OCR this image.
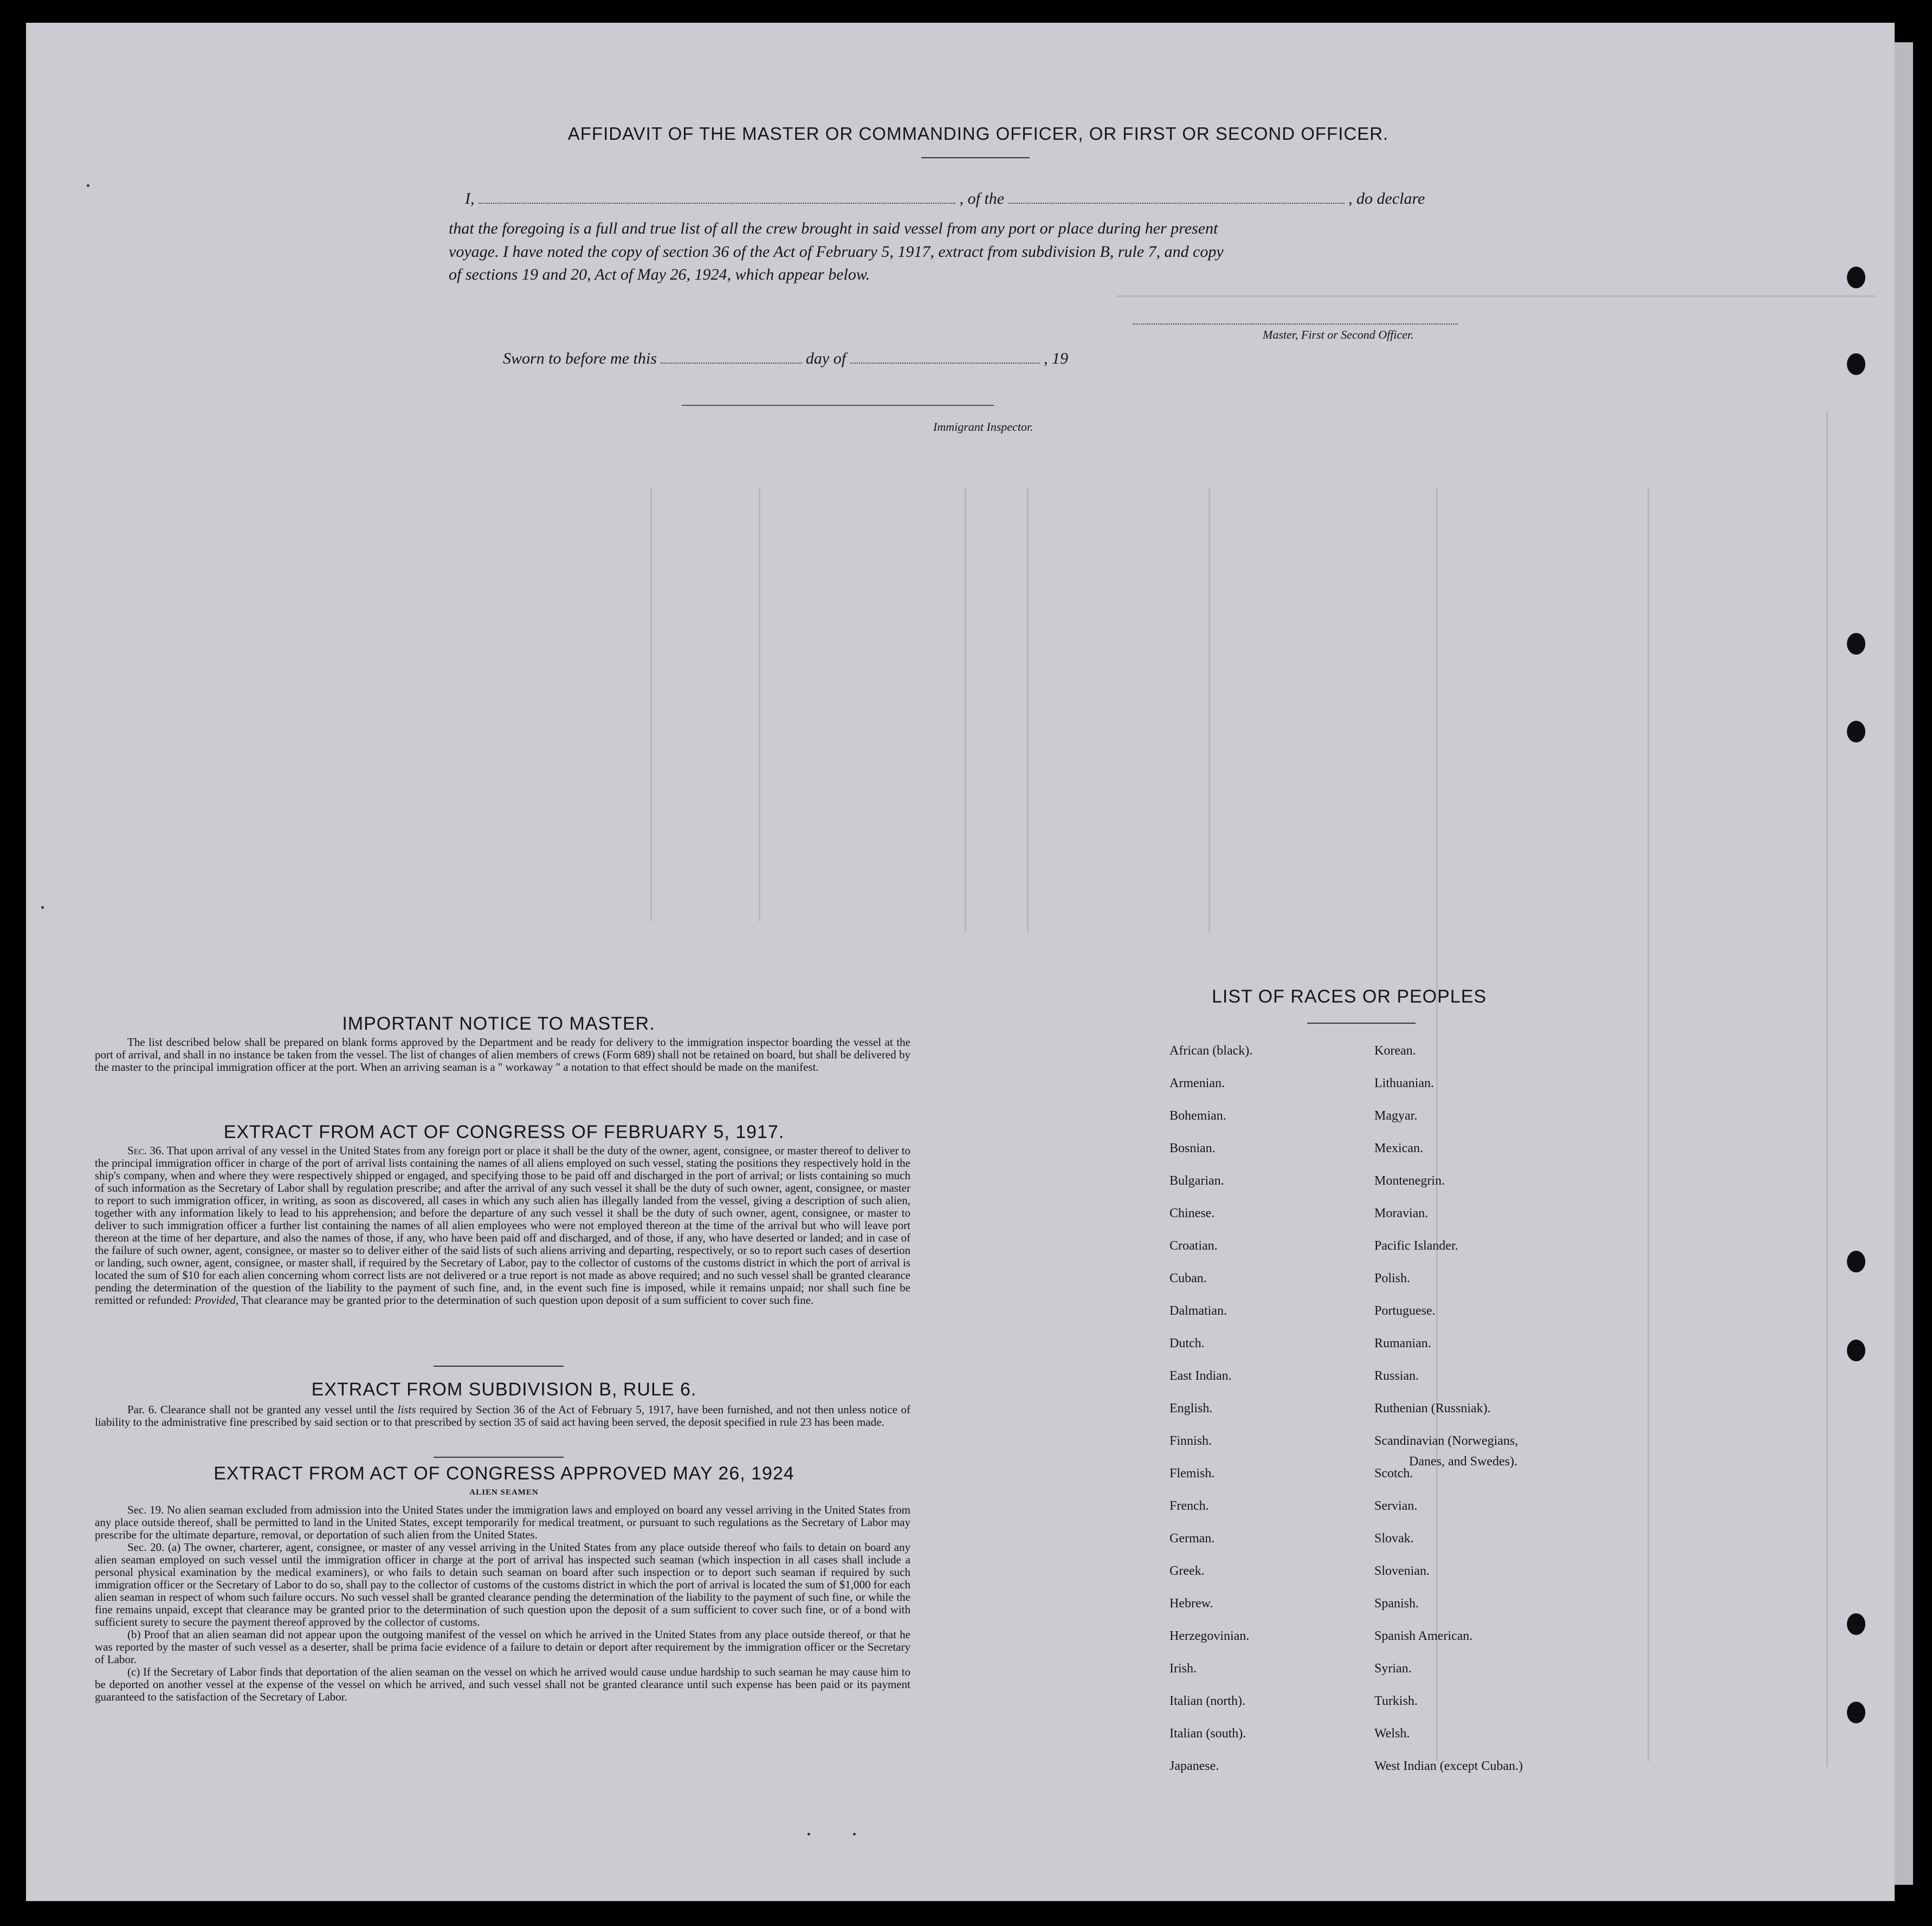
AFFIDAVIT OF THE MASTER OR COMMANDING OFFICER, OR FIRST OR SECOND OFFICER.
I,	, of the	, do declare
that the foregoing is a full and true list of all the crew brought in said vessel from any port or place during her present
voyage. I have noted the copy of section 36 of the Act of February 5, 1917, extract from subdivision B, rule 7, and copy
of sections 19 and 20, Act of May 26, 1924, which appear below.
Master, First or Second Officer.
Sworn to before me this	day of	, 19
Immigrant Inspector.
IMPORTANT NOTICE TO MASTER.

The list described below shall be prepared on blank forms approved by the Department and be ready for delivery to the immigration inspector boarding the vessel at the port of arrival, and shall in no instance be taken from the vessel. The list of changes of alien members of crews (Form 689) shall not be retained on board, but shall be delivered by the master to the principal immigration officer at the port. When an arriving seaman is a " workaway " a notation to that effect should be made on the manifest.

EXTRACT FROM ACT OF CONGRESS OF FEBRUARY 5, 1917.

Sec. 36. That upon arrival of any vessel in the United States from any foreign port or place it shall be the duty of the owner, agent, consignee, or master thereof to deliver to the principal immigration officer in charge of the port of arrival lists containing the names of all aliens employed on such vessel, stating the positions they respectively hold in the ship's company, when and where they were respectively shipped or engaged, and specifying those to be paid off and discharged in the port of arrival; or lists containing so much of such information as the Secretary of Labor shall by regulation prescribe; and after the arrival of any such vessel it shall be the duty of such owner, agent, consignee, or master to report to such immigration officer, in writing, as soon as discovered, all cases in which any such alien has illegally landed from the vessel, giving a description of such alien, together with any information likely to lead to his apprehension; and before the departure of any such vessel it shall be the duty of such owner, agent, consignee, or master to deliver to such immigration officer a further list containing the names of all alien employees who were not employed thereon at the time of the arrival but who will leave port thereon at the time of her departure, and also the names of those, if any, who have been paid off and discharged, and of those, if any, who have deserted or landed; and in case of the failure of such owner, agent, consignee, or master so to deliver either of the said lists of such aliens arriving and departing, respectively, or so to report such cases of desertion or landing, such owner, agent, consignee, or master shall, if required by the Secretary of Labor, pay to the collector of customs of the customs district in which the port of arrival is located the sum of $10 for each alien concerning whom correct lists are not delivered or a true report is not made as above required; and no such vessel shall be granted clearance pending the determination of the question of the liability to the payment of such fine, and, in the event such fine is imposed, while it remains unpaid; nor shall such fine be remitted or refunded: Provided, That clearance may be granted prior to the determination of such question upon deposit of a sum sufficient to cover such fine.

EXTRACT FROM SUBDIVISION B, RULE 6.

Par. 6. Clearance shall not be granted any vessel until the lists required by Section 36 of the Act of February 5, 1917, have been furnished, and not then unless notice of liability to the administrative fine prescribed by said section or to that prescribed by section 35 of said act having been served, the deposit specified in rule 23 has been made.

EXTRACT FROM ACT OF CONGRESS APPROVED MAY 26, 1924
ALIEN SEAMEN

Sec. 19. No alien seaman excluded from admission into the United States under the immigration laws and employed on board any vessel arriving in the United States from any place outside thereof, shall be permitted to land in the United States, except temporarily for medical treatment, or pursuant to such regulations as the Secretary of Labor may prescribe for the ultimate departure, removal, or deportation of such alien from the United States.

Sec. 20. (a) The owner, charterer, agent, consignee, or master of any vessel arriving in the United States from any place outside thereof who fails to detain on board any alien seaman employed on such vessel until the immigration officer in charge at the port of arrival has inspected such seaman (which inspection in all cases shall include a personal physical examination by the medical examiners), or who fails to detain such seaman on board after such inspection or to deport such seaman if required by such immigration officer or the Secretary of Labor to do so, shall pay to the collector of customs of the customs district in which the port of arrival is located the sum of $1,000 for each alien seaman in respect of whom such failure occurs. No such vessel shall be granted clearance pending the determination of the liability to the payment of such fine, or while the fine remains unpaid, except that clearance may be granted prior to the determination of such question upon the deposit of a sum sufficient to cover such fine, or of a bond with sufficient surety to secure the payment thereof approved by the collector of customs.

(b) Proof that an alien seaman did not appear upon the outgoing manifest of the vessel on which he arrived in the United States from any place outside thereof, or that he was reported by the master of such vessel as a deserter, shall be prima facie evidence of a failure to detain or deport after requirement by the immigration officer or the Secretary of Labor.

(c) If the Secretary of Labor finds that deportation of the alien seaman on the vessel on which he arrived would cause undue hardship to such seaman he may cause him to be deported on another vessel at the expense of the vessel on which he arrived, and such vessel shall not be granted clearance until such expense has been paid or its payment guaranteed to the satisfaction of the Secretary of Labor.

LIST OF RACES OR PEOPLES
African (black).
Armenian.
Bohemian.
Bosnian.
Bulgarian.
Chinese.
Croatian.
Cuban.
Dalmatian.
Dutch.
East Indian.
English.
Finnish.
Flemish.
French.
German.
Greek.
Hebrew.
Herzegovinian.
Irish.
Italian (north).
Italian (south).
Japanese.
Korean.
Lithuanian.
Magyar.
Mexican.
Montenegrin.
Moravian.
Pacific Islander.
Polish.
Portuguese.
Rumanian.
Russian.
Ruthenian (Russniak).
Scandinavian (Norwegians,
Scotch.
Servian.
Slovak.
Slovenian.
Spanish.
Spanish American.
Syrian.
Turkish.
Welsh.
West Indian (except Cuban.)
Danes, and Swedes).
